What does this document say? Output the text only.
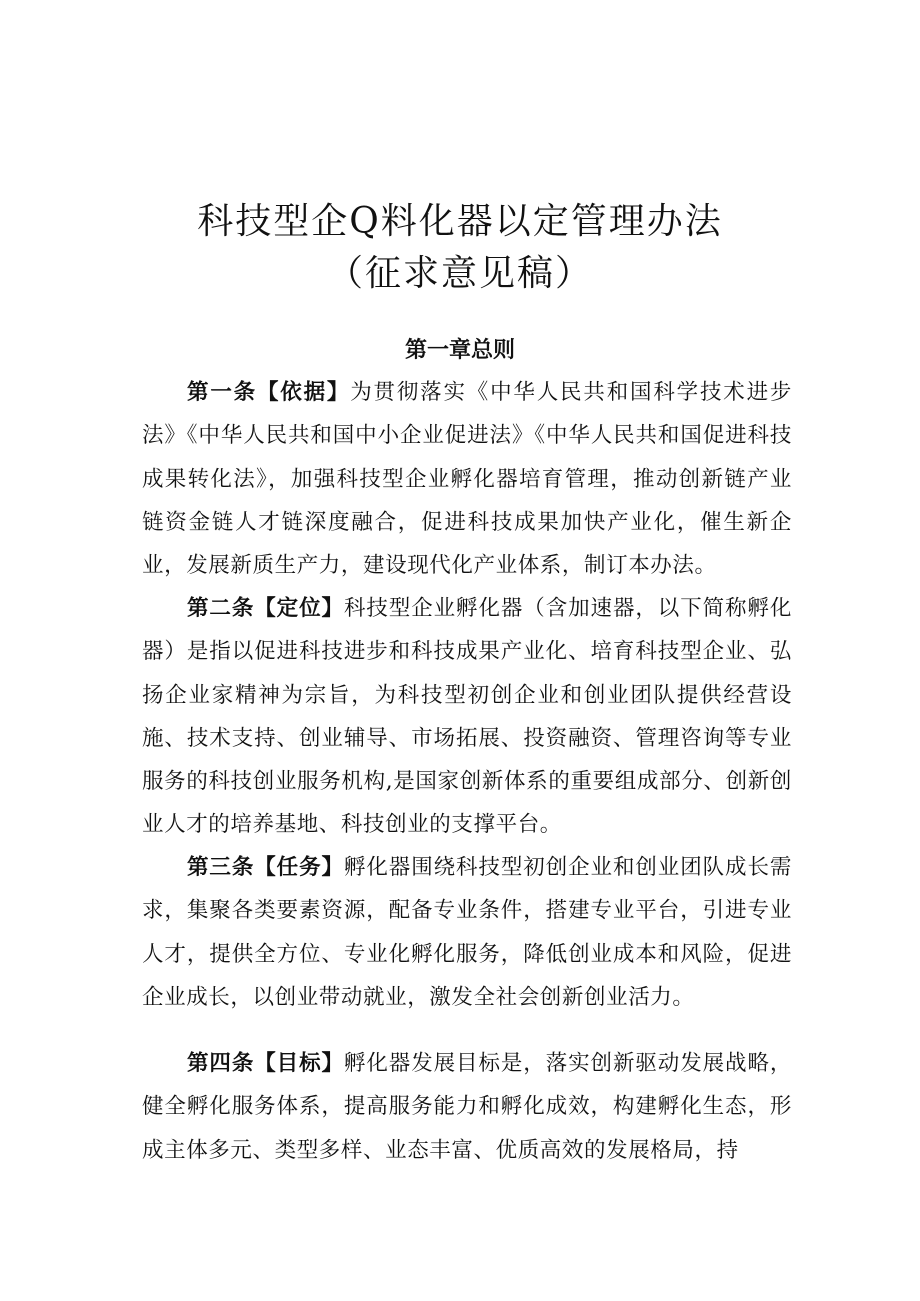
科技型企Q料化器以定管理办法
（征求意见稿）
第一章总则

第一条【依据】为贯彻落实《中华人民共和国科学技术进步法》《中华人民共和国中小企业促进法》《中华人民共和国促进科技成果转化法》，加强科技型企业孵化器培育管理，推动创新链产业链资金链人才链深度融合，促进科技成果加快产业化，催生新企业，发展新质生产力，建设现代化产业体系，制订本办法。

第二条【定位】科技型企业孵化器（含加速器，以下简称孵化器）是指以促进科技进步和科技成果产业化、培育科技型企业、弘扬企业家精神为宗旨，为科技型初创企业和创业团队提供经营设施、技术支持、创业辅导、市场拓展、投资融资、管理咨询等专业服务的科技创业服务机构,是国家创新体系的重要组成部分、创新创业人才的培养基地、科技创业的支撑平台。

第三条【任务】孵化器围绕科技型初创企业和创业团队成长需求，集聚各类要素资源，配备专业条件，搭建专业平台，引进专业人才，提供全方位、专业化孵化服务，降低创业成本和风险，促进企业成长，以创业带动就业，激发全社会创新创业活力。

第四条【目标】孵化器发展目标是，落实创新驱动发展战略，健全孵化服务体系，提高服务能力和孵化成效，构建孵化生态，形成主体多元、类型多样、业态丰富、优质高效的发展格局，持
